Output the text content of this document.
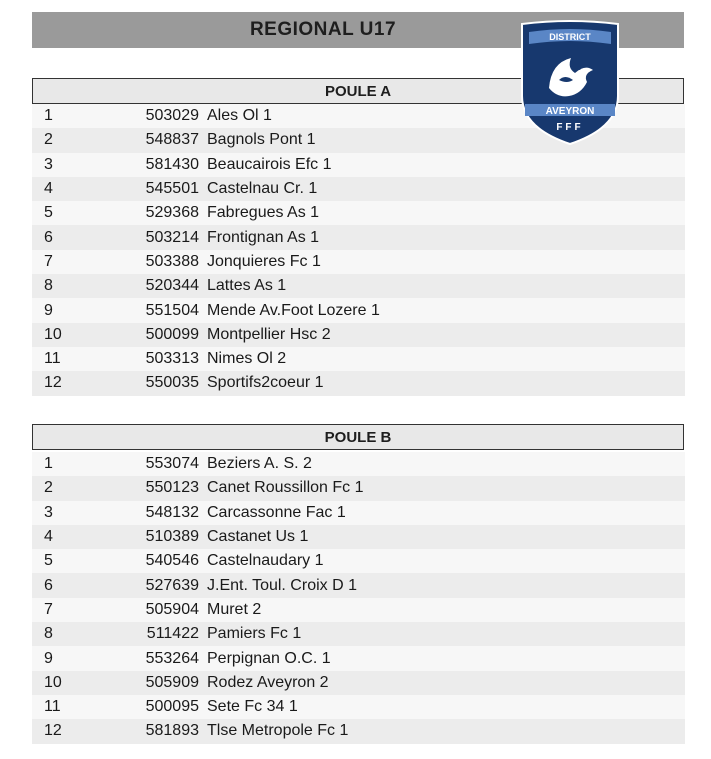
REGIONAL U17
POULE A
1	503029 Ales Ol 1
2	548837 Bagnols Pont 1
3	581430 Beaucairois Efc 1
4	545501 Castelnau Cr. 1
5	529368 Fabregues As 1
6	503214 Frontignan As 1
7	503388 Jonquieres Fc 1
8	520344 Lattes As 1
9	551504 Mende Av.Foot Lozere 1
10	500099 Montpellier Hsc 2
11	503313 Nimes Ol 2
12	550035 Sportifs2coeur 1
POULE B
1	553074 Beziers A. S. 2
2	550123 Canet Roussillon Fc 1
3	548132 Carcassonne Fac 1
4	510389 Castanet Us 1
5	540546 Castelnaudary 1
6	527639 J.Ent. Toul. Croix D 1
7	505904 Muret 2
8	511422 Pamiers Fc 1
9	553264 Perpignan O.C. 1
10	505909 Rodez Aveyron 2
11	500095 Sete Fc 34 1
12	581893 Tlse Metropole Fc 1
DISTRICT
AVEYRON
FFF
